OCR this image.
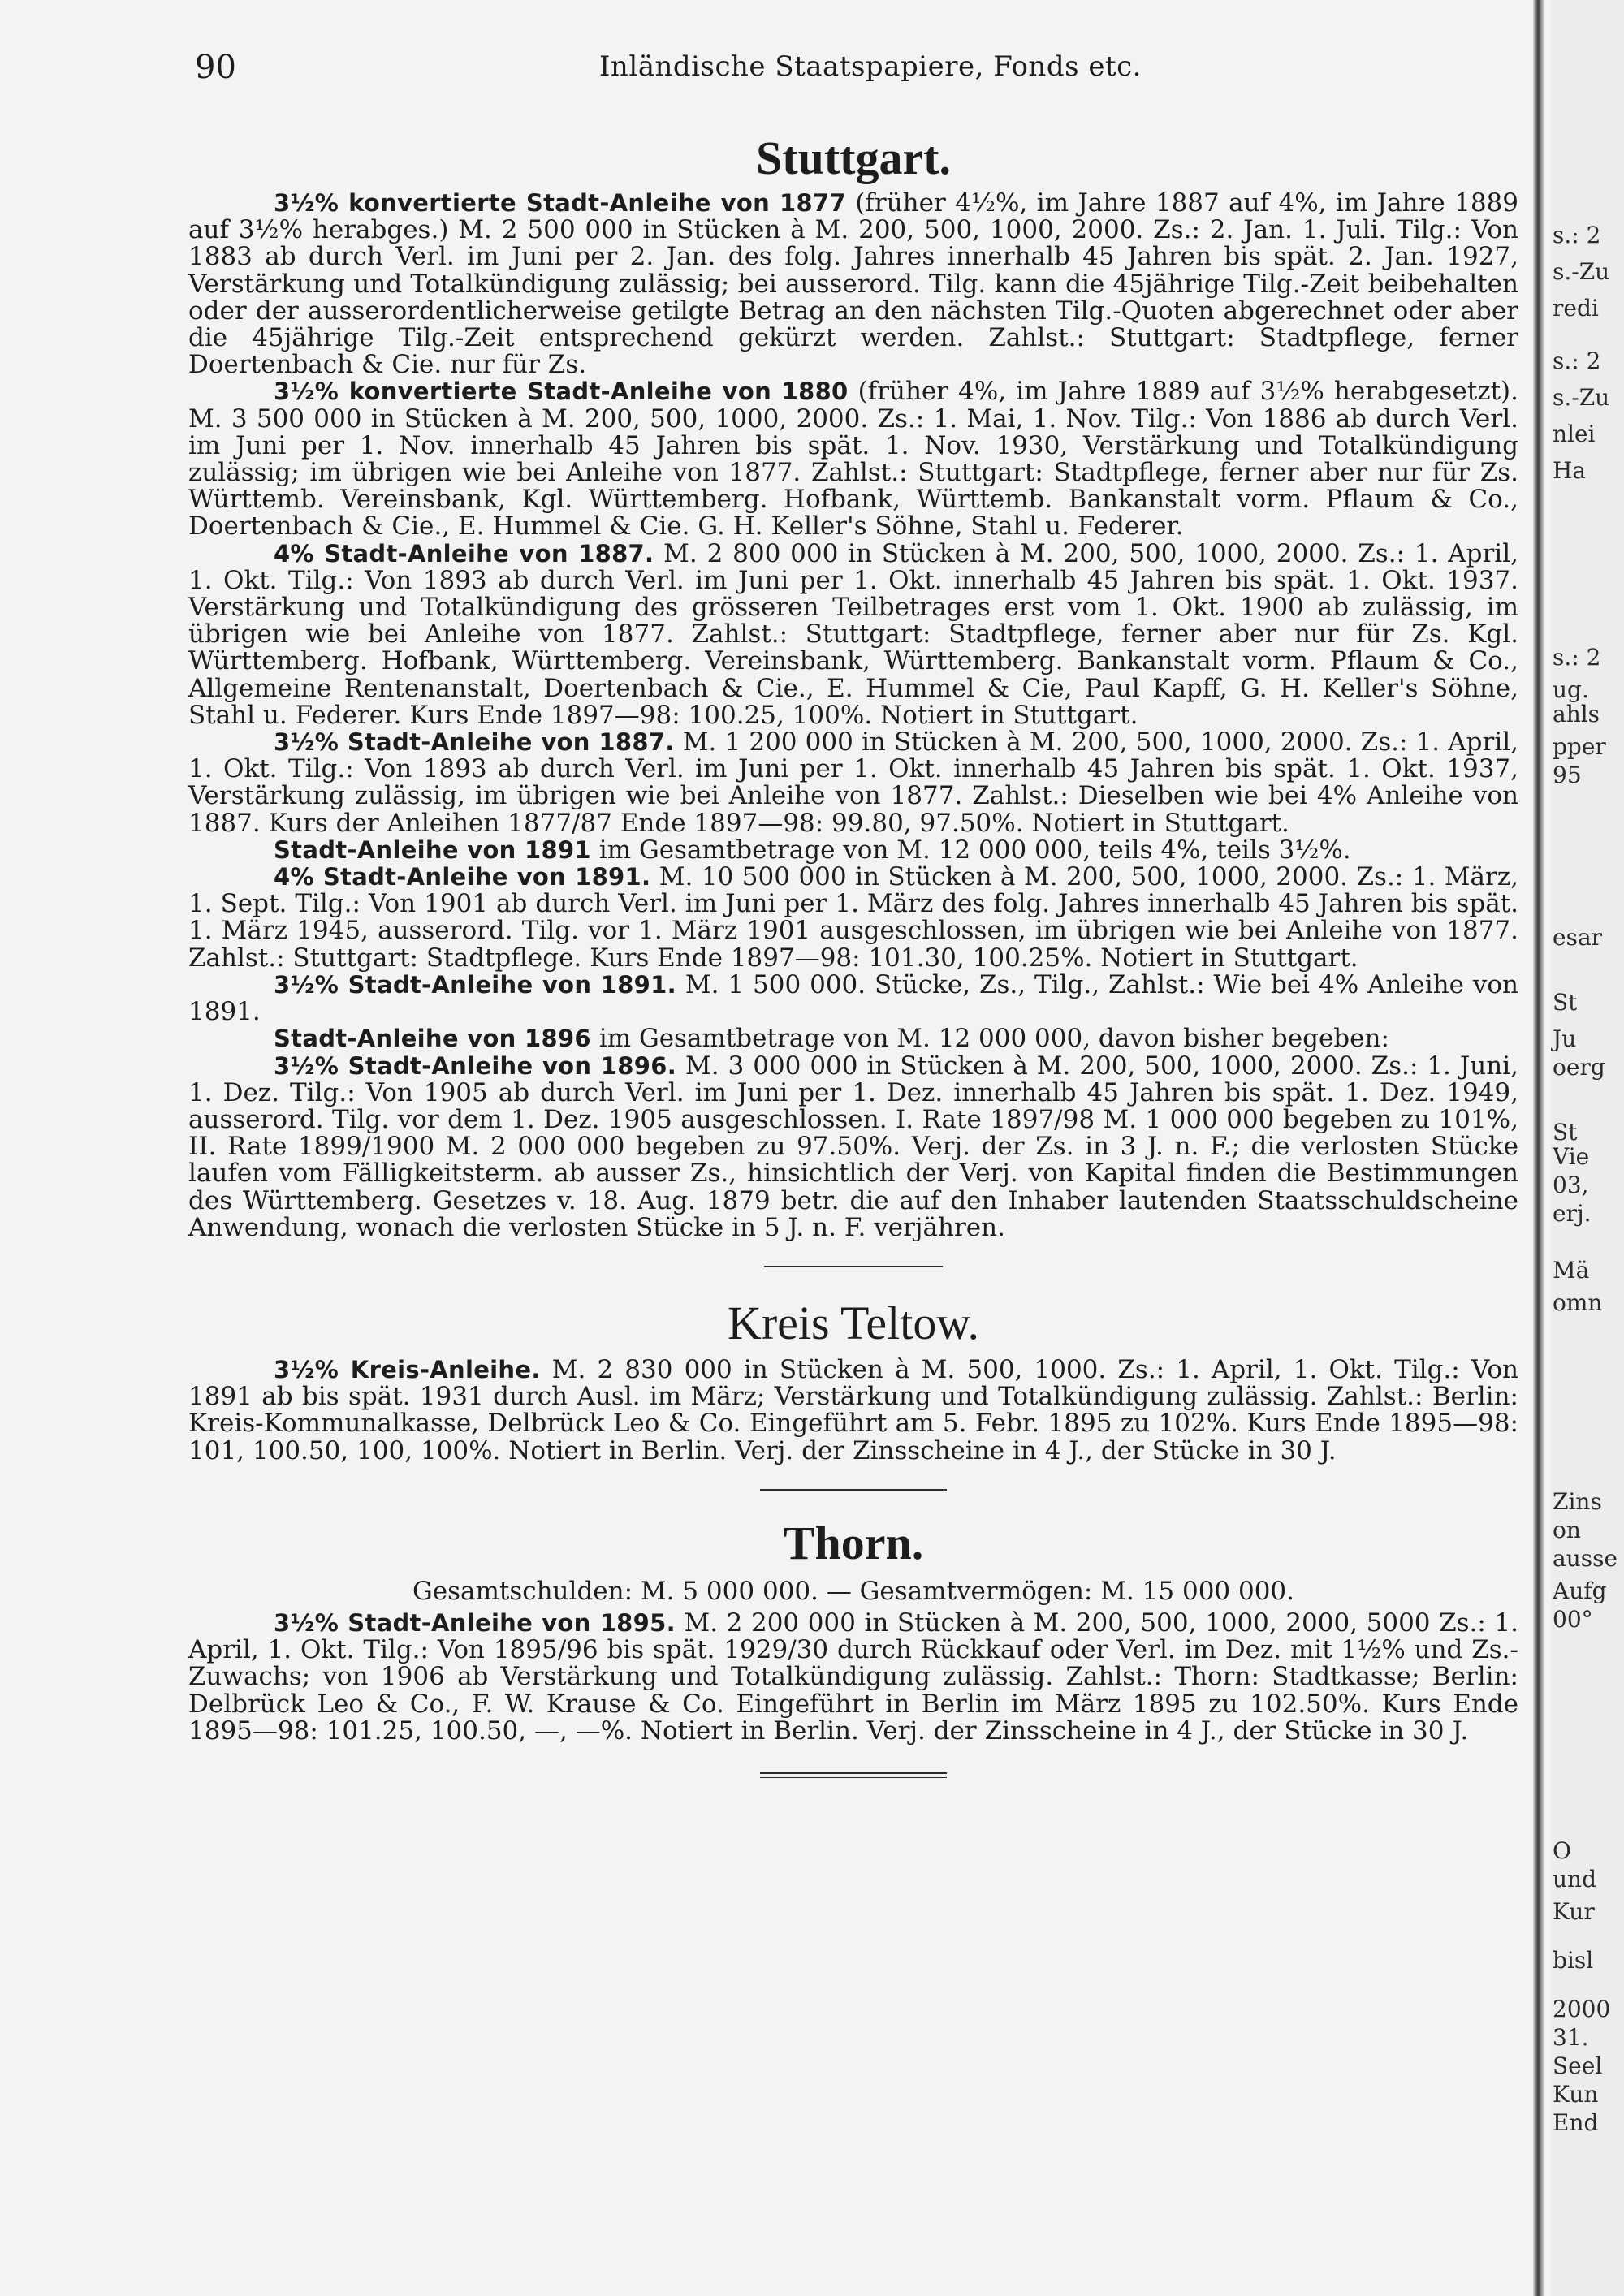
90	Inländische Staatspapiere, Fonds etc.
Stuttgart.

3½% konvertierte Stadt-Anleihe von 1877 (früher 4½%, im Jahre 1887 auf 4%, im Jahre 1889 auf 3½% herabges.) M. 2 500 000 in Stücken à M. 200, 500, 1000, 2000. Zs.: 2. Jan. 1. Juli. Tilg.: Von 1883 ab durch Verl. im Juni per 2. Jan. des folg. Jahres innerhalb 45 Jahren bis spät. 2. Jan. 1927, Verstärkung und Totalkündigung zulässig; bei ausserord. Tilg. kann die 45jährige Tilg.-Zeit beibehalten oder der ausserordentlicherweise getilgte Betrag an den nächsten Tilg.-Quoten abgerechnet oder aber die 45jährige Tilg.-Zeit entsprechend gekürzt werden. Zahlst.: Stuttgart: Stadtpflege, ferner Doertenbach & Cie. nur für Zs.

3½% konvertierte Stadt-Anleihe von 1880 (früher 4%, im Jahre 1889 auf 3½% herabgesetzt). M. 3 500 000 in Stücken à M. 200, 500, 1000, 2000. Zs.: 1. Mai, 1. Nov. Tilg.: Von 1886 ab durch Verl. im Juni per 1. Nov. innerhalb 45 Jahren bis spät. 1. Nov. 1930, Verstärkung und Totalkündigung zulässig; im übrigen wie bei Anleihe von 1877. Zahlst.: Stuttgart: Stadtpflege, ferner aber nur für Zs. Württemb. Vereinsbank, Kgl. Württemberg. Hofbank, Württemb. Bankanstalt vorm. Pflaum & Co., Doertenbach & Cie., E. Hummel & Cie. G. H. Keller's Söhne, Stahl u. Federer.

4% Stadt-Anleihe von 1887. M. 2 800 000 in Stücken à M. 200, 500, 1000, 2000. Zs.: 1. April, 1. Okt. Tilg.: Von 1893 ab durch Verl. im Juni per 1. Okt. innerhalb 45 Jahren bis spät. 1. Okt. 1937. Verstärkung und Totalkündigung des grösseren Teilbetrages erst vom 1. Okt. 1900 ab zulässig, im übrigen wie bei Anleihe von 1877. Zahlst.: Stuttgart: Stadtpflege, ferner aber nur für Zs. Kgl. Württemberg. Hofbank, Württemberg. Vereinsbank, Württemberg. Bankanstalt vorm. Pflaum & Co., Allgemeine Rentenanstalt, Doertenbach & Cie., E. Hummel & Cie, Paul Kapff, G. H. Keller's Söhne, Stahl u. Federer. Kurs Ende 1897—98: 100.25, 100%. Notiert in Stuttgart.

3½% Stadt-Anleihe von 1887. M. 1 200 000 in Stücken à M. 200, 500, 1000, 2000. Zs.: 1. April, 1. Okt. Tilg.: Von 1893 ab durch Verl. im Juni per 1. Okt. innerhalb 45 Jahren bis spät. 1. Okt. 1937, Verstärkung zulässig, im übrigen wie bei Anleihe von 1877. Zahlst.: Dieselben wie bei 4% Anleihe von 1887. Kurs der Anleihen 1877/87 Ende 1897—98: 99.80, 97.50%. Notiert in Stuttgart.

Stadt-Anleihe von 1891 im Gesamtbetrage von M. 12 000 000, teils 4%, teils 3½%.

4% Stadt-Anleihe von 1891. M. 10 500 000 in Stücken à M. 200, 500, 1000, 2000. Zs.: 1. März, 1. Sept. Tilg.: Von 1901 ab durch Verl. im Juni per 1. März des folg. Jahres innerhalb 45 Jahren bis spät. 1. März 1945, ausserord. Tilg. vor 1. März 1901 ausgeschlossen, im übrigen wie bei Anleihe von 1877. Zahlst.: Stuttgart: Stadtpflege. Kurs Ende 1897—98: 101.30, 100.25%. Notiert in Stuttgart.

3½% Stadt-Anleihe von 1891. M. 1 500 000. Stücke, Zs., Tilg., Zahlst.: Wie bei 4% Anleihe von 1891.

Stadt-Anleihe von 1896 im Gesamtbetrage von M. 12 000 000, davon bisher begeben:

3½% Stadt-Anleihe von 1896. M. 3 000 000 in Stücken à M. 200, 500, 1000, 2000. Zs.: 1. Juni, 1. Dez. Tilg.: Von 1905 ab durch Verl. im Juni per 1. Dez. innerhalb 45 Jahren bis spät. 1. Dez. 1949, ausserord. Tilg. vor dem 1. Dez. 1905 ausgeschlossen. I. Rate 1897/98 M. 1 000 000 begeben zu 101%, II. Rate 1899/1900 M. 2 000 000 begeben zu 97.50%. Verj. der Zs. in 3 J. n. F.; die verlosten Stücke laufen vom Fälligkeitsterm. ab ausser Zs., hinsichtlich der Verj. von Kapital finden die Bestimmungen des Württemberg. Gesetzes v. 18. Aug. 1879 betr. die auf den Inhaber lautenden Staatsschuldscheine Anwendung, wonach die verlosten Stücke in 5 J. n. F. verjähren.

Kreis Teltow.

3½% Kreis-Anleihe. M. 2 830 000 in Stücken à M. 500, 1000. Zs.: 1. April, 1. Okt. Tilg.: Von 1891 ab bis spät. 1931 durch Ausl. im März; Verstärkung und Totalkündigung zulässig. Zahlst.: Berlin: Kreis-Kommunalkasse, Delbrück Leo & Co. Eingeführt am 5. Febr. 1895 zu 102%. Kurs Ende 1895—98: 101, 100.50, 100, 100%. Notiert in Berlin. Verj. der Zinsscheine in 4 J., der Stücke in 30 J.

Thorn.

Gesamtschulden: M. 5 000 000. — Gesamtvermögen: M. 15 000 000.

3½% Stadt-Anleihe von 1895. M. 2 200 000 in Stücken à M. 200, 500, 1000, 2000, 5000 Zs.: 1. April, 1. Okt. Tilg.: Von 1895/96 bis spät. 1929/30 durch Rückkauf oder Verl. im Dez. mit 1½% und Zs.-Zuwachs; von 1906 ab Verstärkung und Totalkündigung zulässig. Zahlst.: Thorn: Stadtkasse; Berlin: Delbrück Leo & Co., F. W. Krause & Co. Eingeführt in Berlin im März 1895 zu 102.50%. Kurs Ende 1895—98: 101.25, 100.50, —, —%. Notiert in Berlin. Verj. der Zinsscheine in 4 J., der Stücke in 30 J.

s.: 2
s.-Zu
redi
s.: 2
s.-Zu
nlei
Ha
s.: 2
ug.
ahls
pper
95
esar
St
Ju
oerg
St
Vie
03,
erj.
Mä
omn
Zins
on
ausse
Aufg
00°
O
und
Kur
bisl
2000
31.
Seel
Kun
End
